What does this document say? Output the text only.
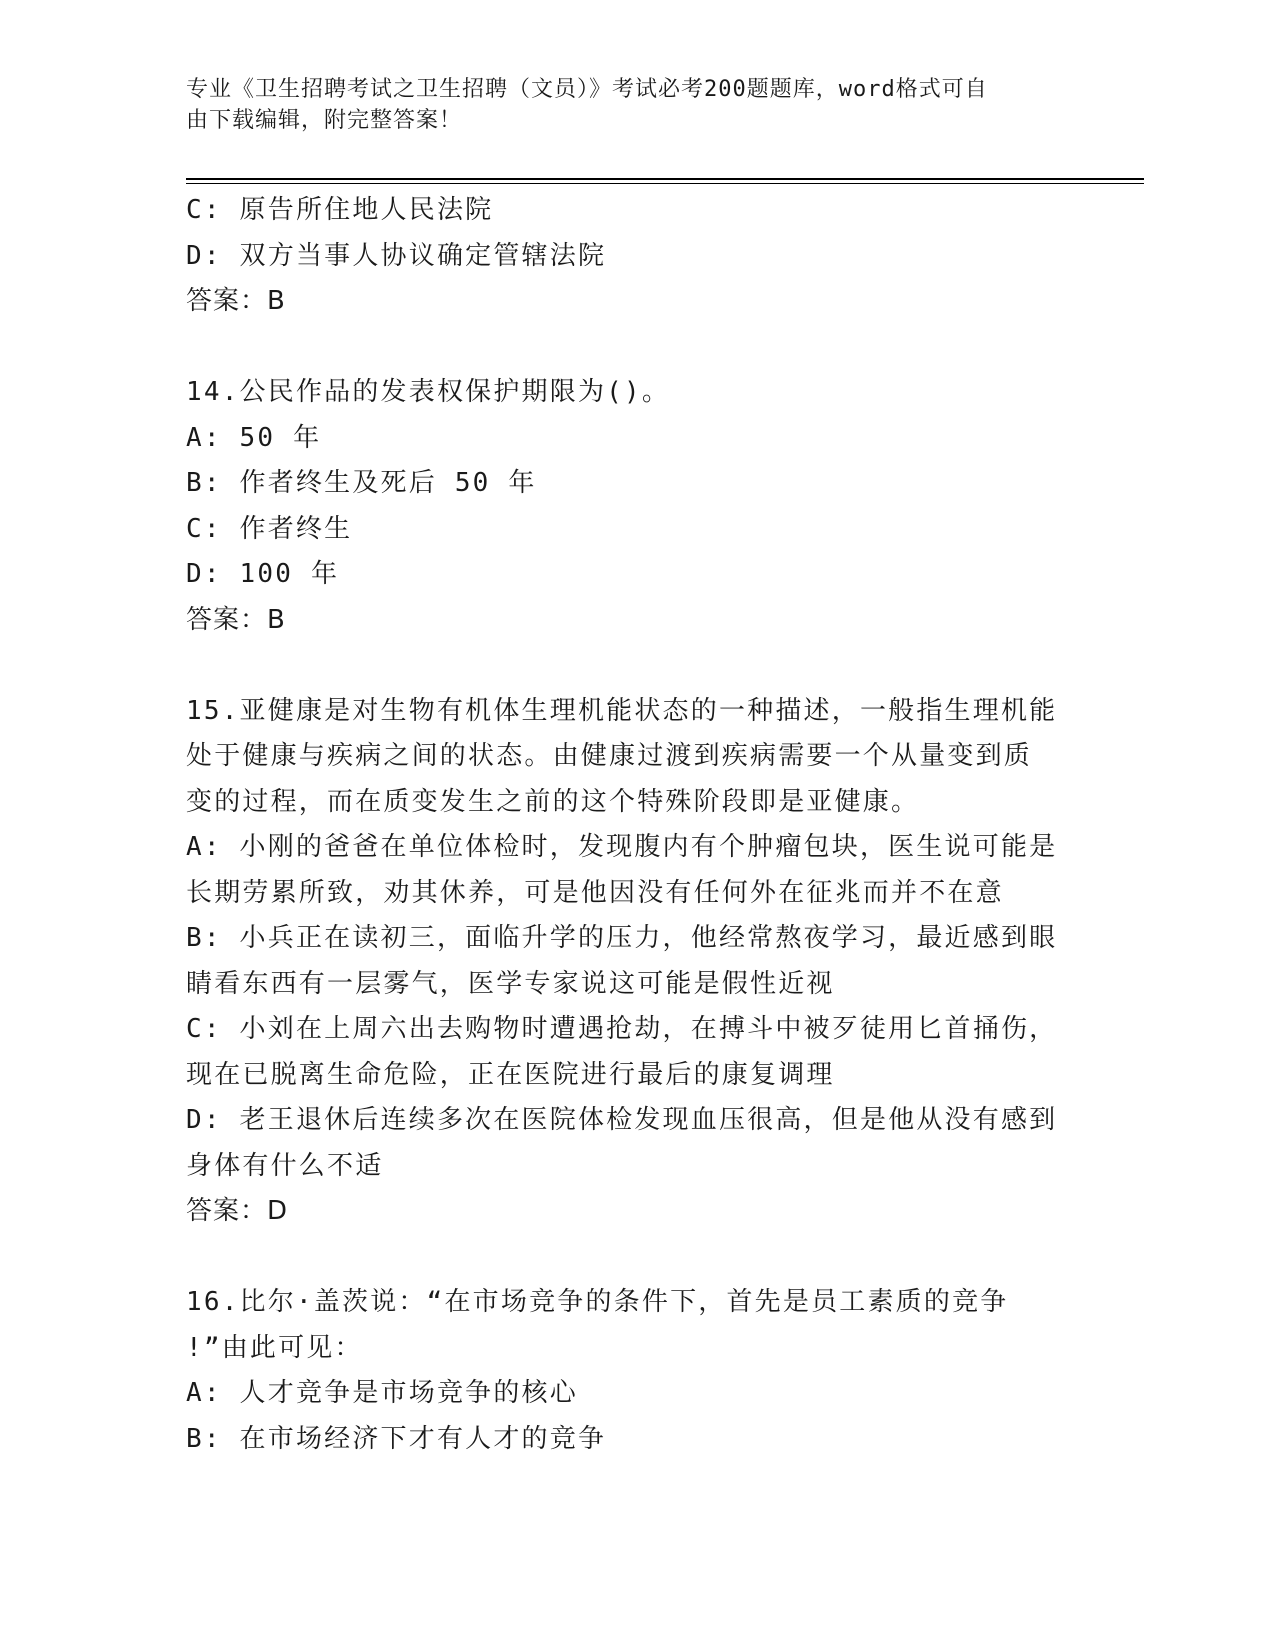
专业《卫生招聘考试之卫生招聘（文员）》考试必考200题题库，word格式可自
由下载编辑，附完整答案！
C: 原告所住地人民法院
D: 双方当事人协议确定管辖法院
答案：B
14.公民作品的发表权保护期限为()。
A: 50 年
B: 作者终生及死后 50 年
C: 作者终生
D: 100 年
答案：B
15.亚健康是对生物有机体生理机能状态的一种描述，一般指生理机能
处于健康与疾病之间的状态。由健康过渡到疾病需要一个从量变到质
变的过程，而在质变发生之前的这个特殊阶段即是亚健康。
A: 小刚的爸爸在单位体检时，发现腹内有个肿瘤包块，医生说可能是
长期劳累所致，劝其休养，可是他因没有任何外在征兆而并不在意
B: 小兵正在读初三，面临升学的压力，他经常熬夜学习，最近感到眼
睛看东西有一层雾气，医学专家说这可能是假性近视
C: 小刘在上周六出去购物时遭遇抢劫，在搏斗中被歹徒用匕首捅伤，
现在已脱离生命危险，正在医院进行最后的康复调理
D: 老王退休后连续多次在医院体检发现血压很高，但是他从没有感到
身体有什么不适
答案：D
16.比尔·盖茨说：“在市场竞争的条件下，首先是员工素质的竞争
!”由此可见：
A: 人才竞争是市场竞争的核心
B: 在市场经济下才有人才的竞争
